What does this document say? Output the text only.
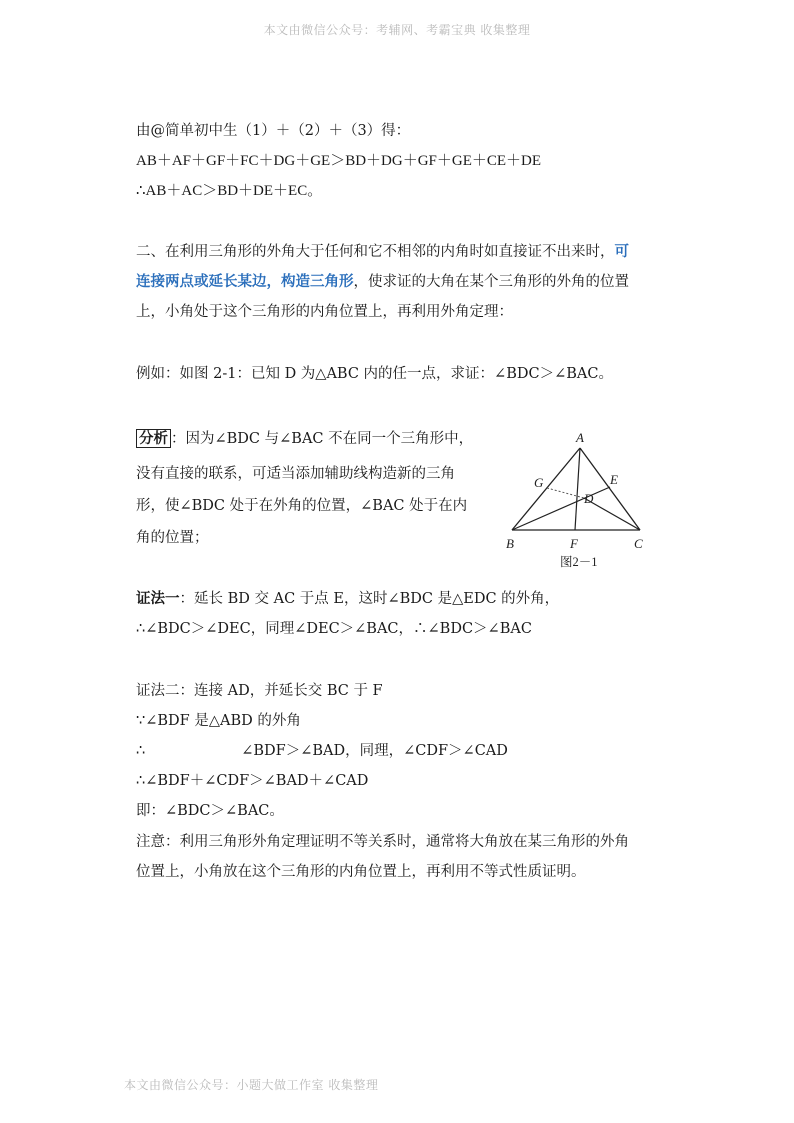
本文由微信公众号：考辅网、考霸宝典 收集整理
由@简单初中生（1）＋（2）＋（3）得：
AB＋AF＋GF＋FC＋DG＋GE＞BD＋DG＋GF＋GE＋CE＋DE
∴AB＋AC＞BD＋DE＋EC。
二、在利用三角形的外角大于任何和它不相邻的内角时如直接证不出来时，可
连接两点或延长某边，构造三角形，使求证的大角在某个三角形的外角的位置
上，小角处于这个三角形的内角位置上，再利用外角定理：
例如：如图 2-1：已知 D 为△ABC 内的任一点，求证：∠BDC＞∠BAC。
分析 ：因为∠BDC 与∠BAC 不在同一个三角形中，
没有直接的联系，可适当添加辅助线构造新的三角
形，使∠BDC 处于在外角的位置，∠BAC 处于在内
角的位置；
A
B	C
D
E
F
G
图2－1
证法一：延长 BD 交 AC 于点 E，这时∠BDC 是△EDC 的外角，
∴∠BDC＞∠DEC，同理∠DEC＞∠BAC，∴∠BDC＞∠BAC
证法二：连接 AD，并延长交 BC 于 F
∵∠BDF 是△ABD 的外角
∴	∠BDF＞∠BAD，同理，∠CDF＞∠CAD
∴∠BDF＋∠CDF＞∠BAD＋∠CAD
即：∠BDC＞∠BAC。
注意：利用三角形外角定理证明不等关系时，通常将大角放在某三角形的外角
位置上，小角放在这个三角形的内角位置上，再利用不等式性质证明。
本文由微信公众号：小题大做工作室 收集整理
